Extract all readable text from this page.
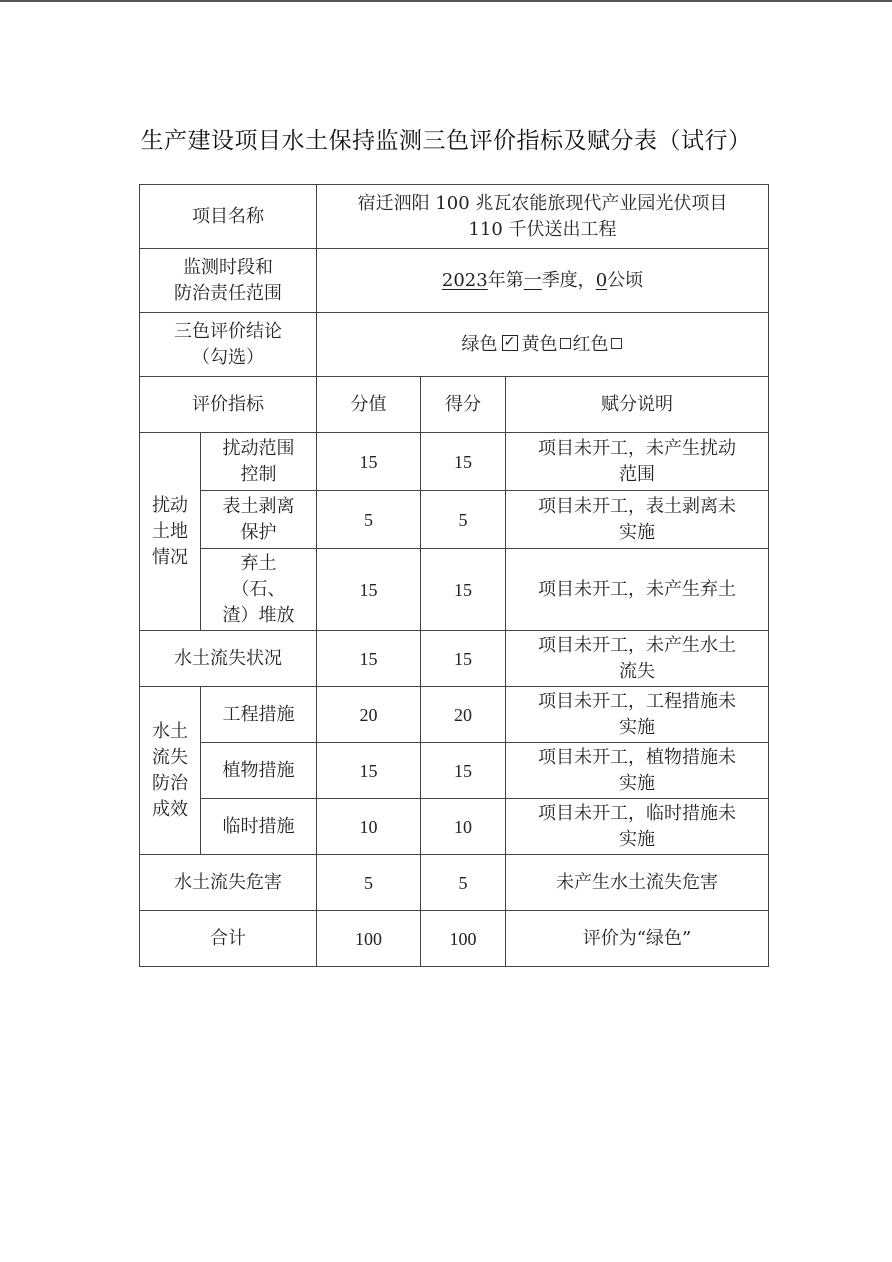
生产建设项目水土保持监测三色评价指标及赋分表（试行）
项目名称		宿迁泗阳 100 兆瓦农能旅现代产业园光伏项目
110 千伏送出工程		

监测时段和
防治责任范围		2023年第一季度，0公顷		

三色评价结论
（勾选）		绿色 ✓ 黄色 红色		
评价指标		分值	得分	赋分说明

扰动
土地
情况	扰动范围
控制	15	15	项目未开工，未产生扰动
范围

	表土剥离
保护	5	5	项目未开工，表土剥离未
实施

	弃土
（石、
渣）堆放	15	15	项目未开工，未产生弃土

水土流失状况		15	15	项目未开工，未产生水土
流失

水土
流失
防治
成效	工程措施	20	20	项目未开工，工程措施未
实施

	植物措施	15	15	项目未开工，植物措施未
实施

	临时措施	10	10	项目未开工，临时措施未
实施

水土流失危害		5	5	未产生水土流失危害
合计		100	100	评价为“绿色”
